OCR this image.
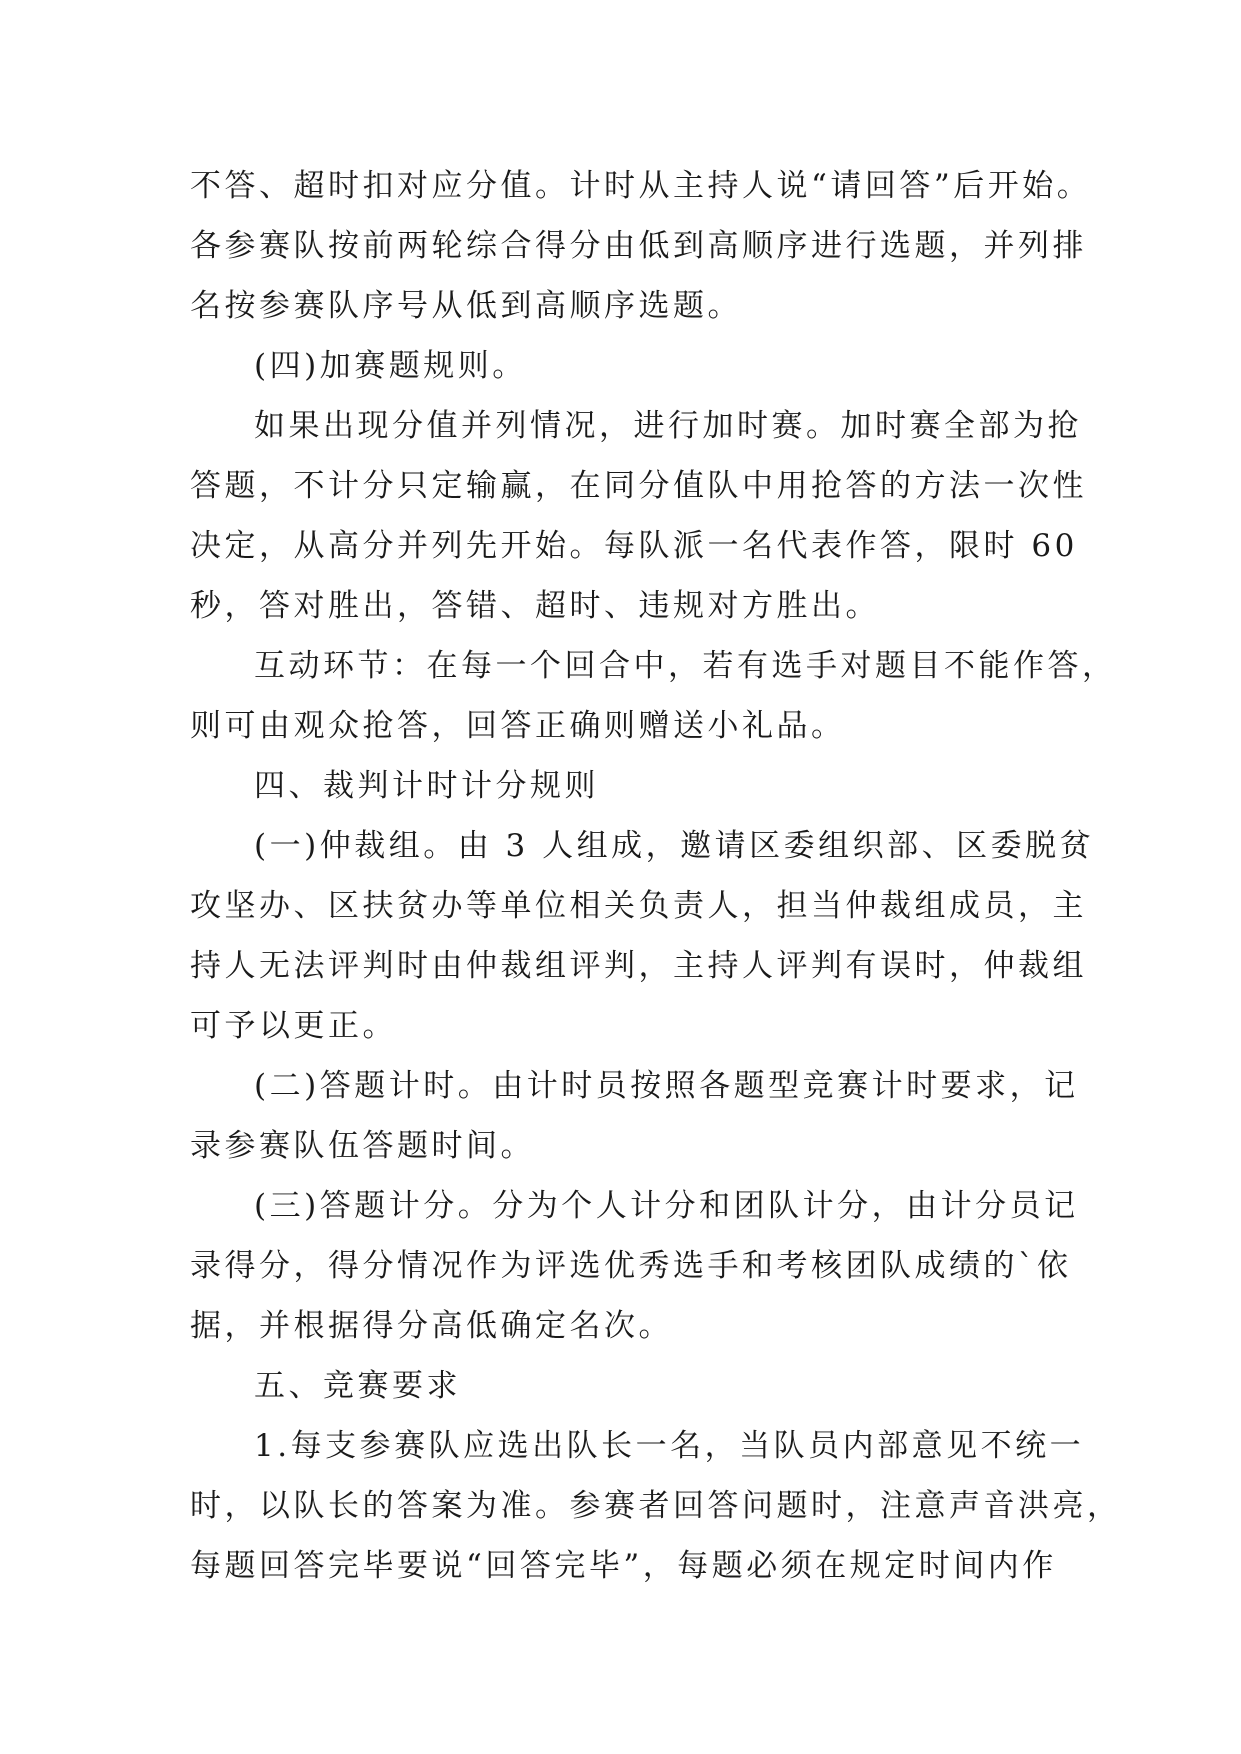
不答、超时扣对应分值。计时从主持人说“请回答”后开始。
各参赛队按前两轮综合得分由低到高顺序进行选题，并列排
名按参赛队序号从低到高顺序选题。
(四)加赛题规则。
如果出现分值并列情况，进行加时赛。加时赛全部为抢
答题，不计分只定输赢，在同分值队中用抢答的方法一次性
决定，从高分并列先开始。每队派一名代表作答，限时 60
秒，答对胜出，答错、超时、违规对方胜出。
互动环节：在每一个回合中，若有选手对题目不能作答，
则可由观众抢答，回答正确则赠送小礼品。
四、裁判计时计分规则
(一)仲裁组。由 3 人组成，邀请区委组织部、区委脱贫
攻坚办、区扶贫办等单位相关负责人，担当仲裁组成员，主
持人无法评判时由仲裁组评判，主持人评判有误时，仲裁组
可予以更正。
(二)答题计时。由计时员按照各题型竞赛计时要求，记
录参赛队伍答题时间。
(三)答题计分。分为个人计分和团队计分，由计分员记
录得分，得分情况作为评选优秀选手和考核团队成绩的`依
据，并根据得分高低确定名次。
五、竞赛要求
1.每支参赛队应选出队长一名，当队员内部意见不统一
时，以队长的答案为准。参赛者回答问题时，注意声音洪亮，
每题回答完毕要说“回答完毕”，每题必须在规定时间内作
